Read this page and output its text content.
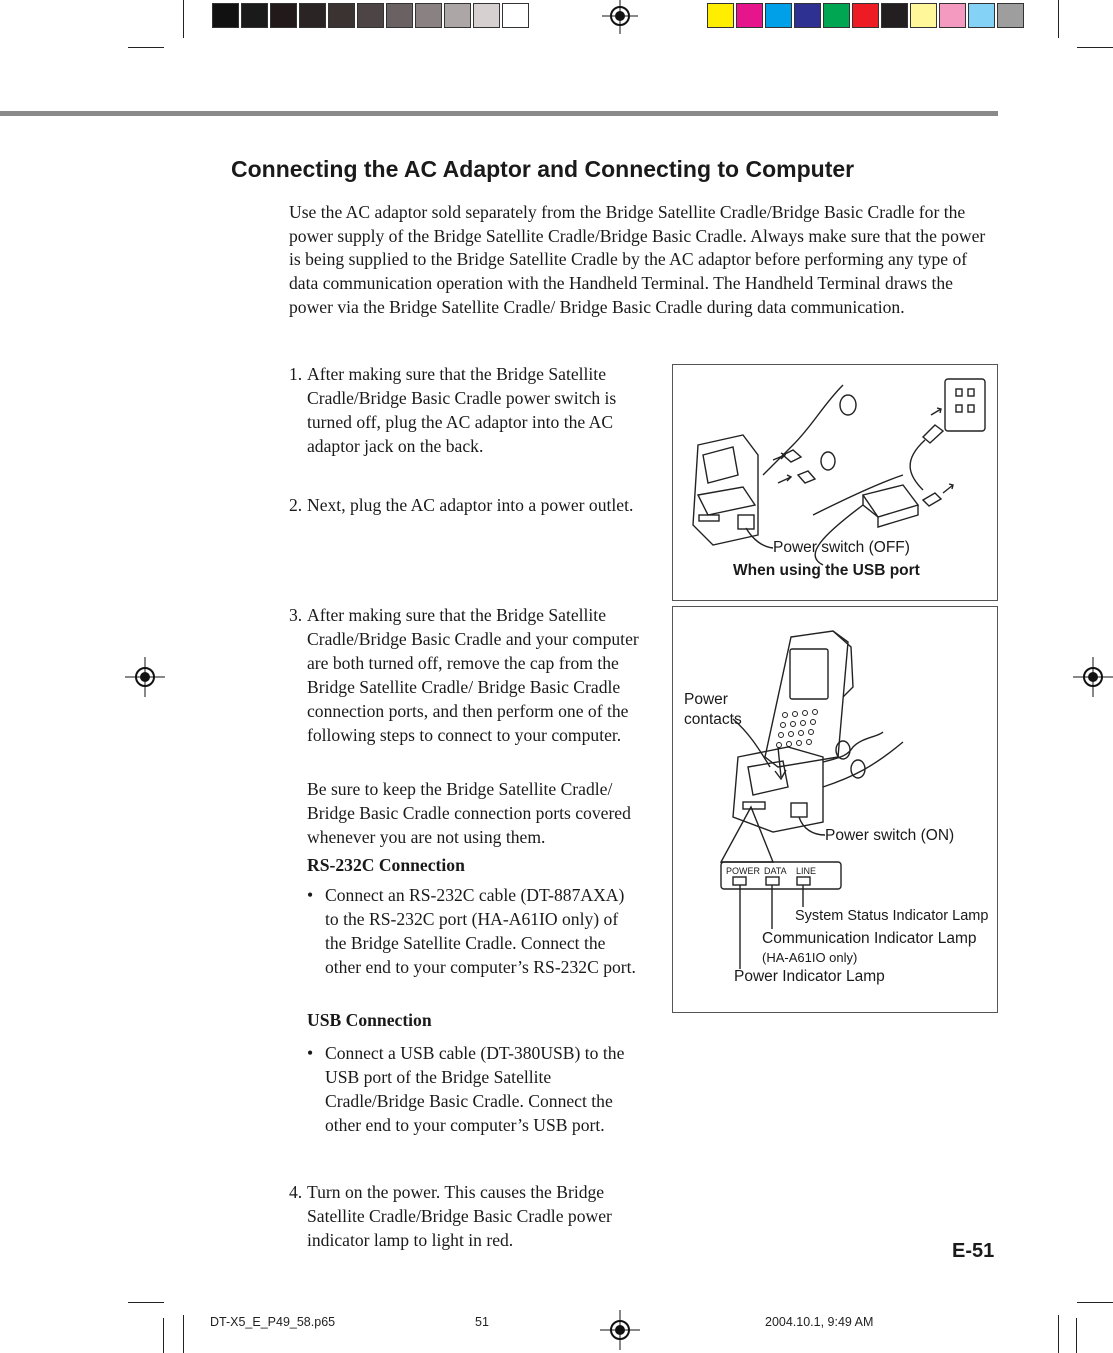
Connecting the AC Adaptor and Connecting to Computer
Use the AC adaptor sold separately from the Bridge Satellite Cradle/Bridge Basic Cradle for the power supply of the Bridge Satellite Cradle/Bridge Basic Cradle. Always make sure that the power is being supplied to the Bridge Satellite Cradle by the AC adaptor before performing any type of data communication operation with the Handheld Terminal. The Handheld Terminal draws the power via the Bridge Satellite Cradle/ Bridge Basic Cradle during data communication.
1. After making sure that the Bridge Satellite Cradle/Bridge Basic Cradle power switch is turned off, plug the AC adaptor into the AC adaptor jack on the back.
2. Next, plug the AC adaptor into a power outlet.
3. After making sure that the Bridge Satellite Cradle/Bridge Basic Cradle and your computer are both turned off, remove the cap from the Bridge Satellite Cradle/ Bridge Basic Cradle connection ports, and then perform one of the following steps to connect to your computer.
Be sure to keep the Bridge Satellite Cradle/ Bridge Basic Cradle connection ports covered whenever you are not using them.
RS-232C Connection
• Connect an RS-232C cable (DT-887AXA) to the RS-232C port (HA-A61IO only) of the Bridge Satellite Cradle. Connect the other end to your computer’s RS-232C port.
USB Connection
• Connect a USB cable (DT-380USB) to the USB port of the Bridge Satellite Cradle/Bridge Basic Cradle. Connect the other end to your computer’s USB port.
4. Turn on the power. This causes the Bridge Satellite Cradle/Bridge Basic Cradle power indicator lamp to light in red.
Power switch (OFF)
When using the USB port
Power
contacts
Power switch (ON)
POWER DATA LINE
System Status Indicator Lamp
Communication Indicator Lamp
(HA-A61IO only)
Power Indicator Lamp
E-51
DT-X5_E_P49_58.p65	51	2004.10.1, 9:49 AM
